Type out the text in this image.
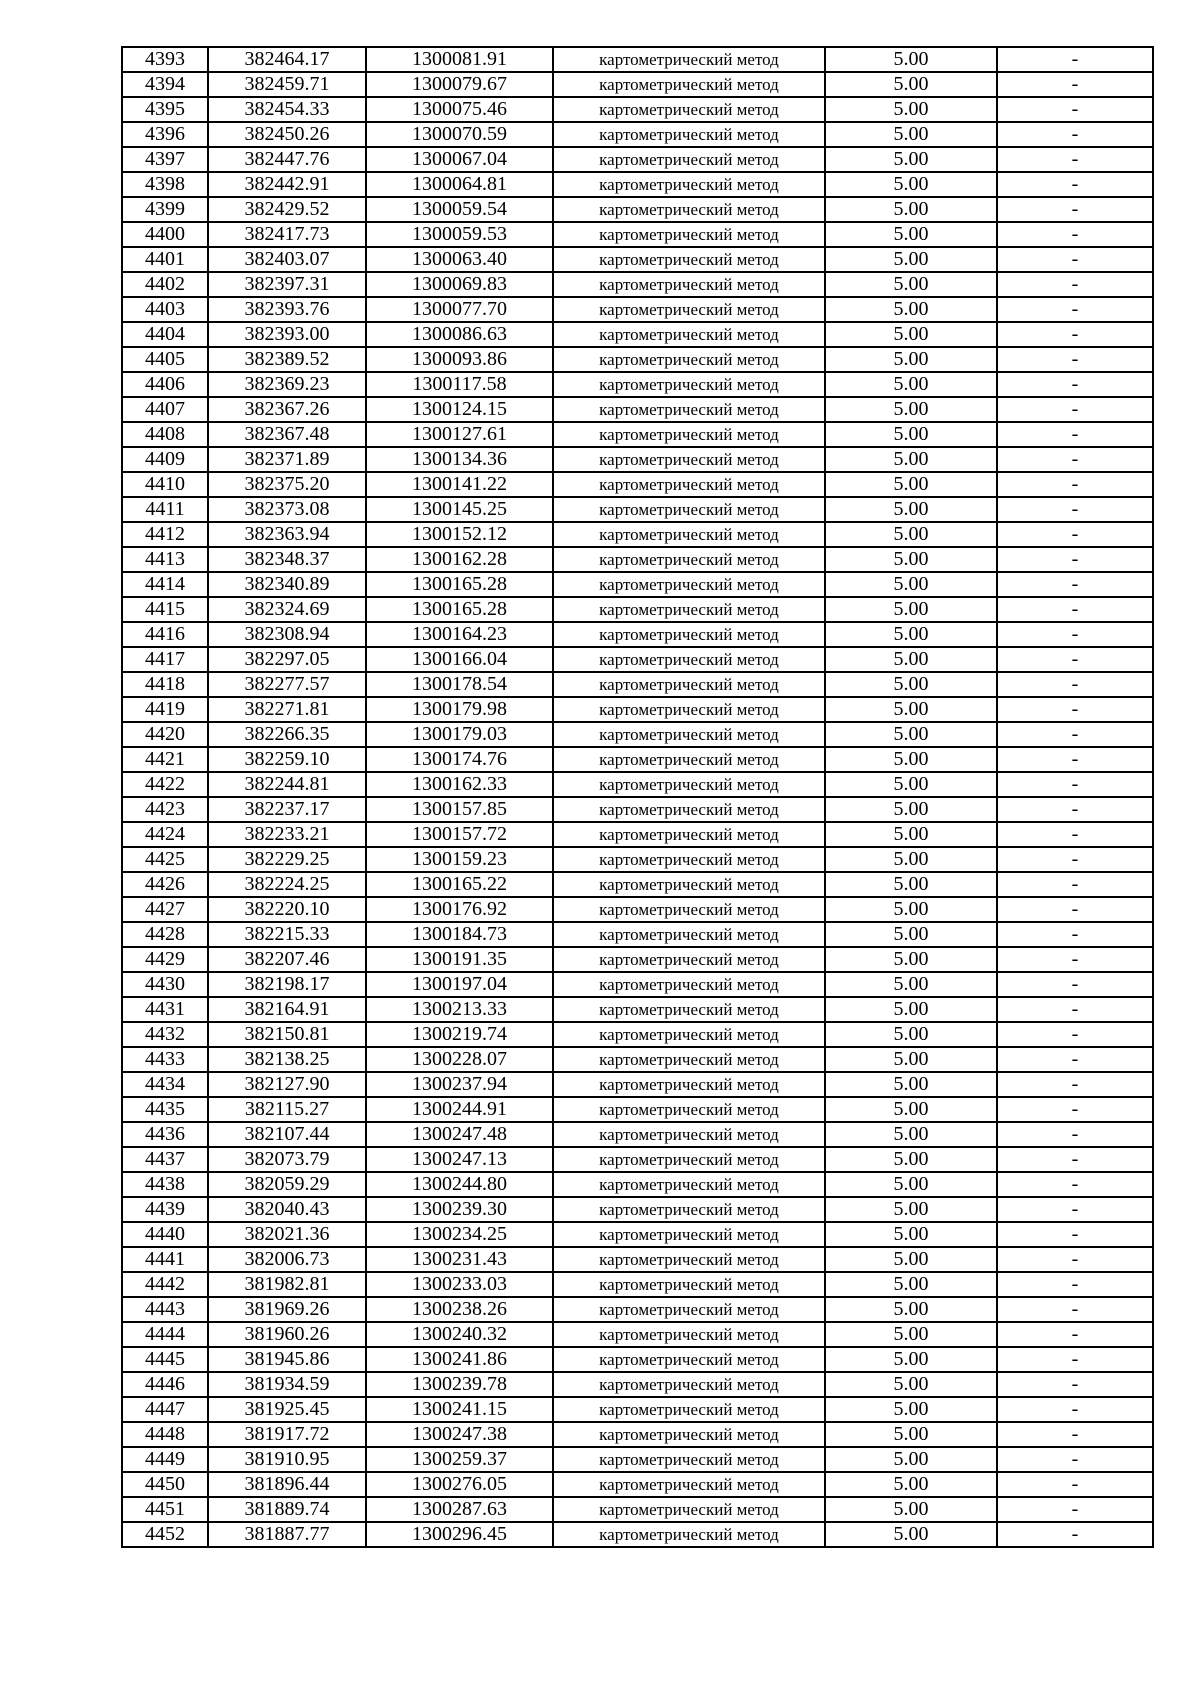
4393	382464.17	1300081.91	картометрический метод	5.00	-
4394	382459.71	1300079.67	картометрический метод	5.00	-
4395	382454.33	1300075.46	картометрический метод	5.00	-
4396	382450.26	1300070.59	картометрический метод	5.00	-
4397	382447.76	1300067.04	картометрический метод	5.00	-
4398	382442.91	1300064.81	картометрический метод	5.00	-
4399	382429.52	1300059.54	картометрический метод	5.00	-
4400	382417.73	1300059.53	картометрический метод	5.00	-
4401	382403.07	1300063.40	картометрический метод	5.00	-
4402	382397.31	1300069.83	картометрический метод	5.00	-
4403	382393.76	1300077.70	картометрический метод	5.00	-
4404	382393.00	1300086.63	картометрический метод	5.00	-
4405	382389.52	1300093.86	картометрический метод	5.00	-
4406	382369.23	1300117.58	картометрический метод	5.00	-
4407	382367.26	1300124.15	картометрический метод	5.00	-
4408	382367.48	1300127.61	картометрический метод	5.00	-
4409	382371.89	1300134.36	картометрический метод	5.00	-
4410	382375.20	1300141.22	картометрический метод	5.00	-
4411	382373.08	1300145.25	картометрический метод	5.00	-
4412	382363.94	1300152.12	картометрический метод	5.00	-
4413	382348.37	1300162.28	картометрический метод	5.00	-
4414	382340.89	1300165.28	картометрический метод	5.00	-
4415	382324.69	1300165.28	картометрический метод	5.00	-
4416	382308.94	1300164.23	картометрический метод	5.00	-
4417	382297.05	1300166.04	картометрический метод	5.00	-
4418	382277.57	1300178.54	картометрический метод	5.00	-
4419	382271.81	1300179.98	картометрический метод	5.00	-
4420	382266.35	1300179.03	картометрический метод	5.00	-
4421	382259.10	1300174.76	картометрический метод	5.00	-
4422	382244.81	1300162.33	картометрический метод	5.00	-
4423	382237.17	1300157.85	картометрический метод	5.00	-
4424	382233.21	1300157.72	картометрический метод	5.00	-
4425	382229.25	1300159.23	картометрический метод	5.00	-
4426	382224.25	1300165.22	картометрический метод	5.00	-
4427	382220.10	1300176.92	картометрический метод	5.00	-
4428	382215.33	1300184.73	картометрический метод	5.00	-
4429	382207.46	1300191.35	картометрический метод	5.00	-
4430	382198.17	1300197.04	картометрический метод	5.00	-
4431	382164.91	1300213.33	картометрический метод	5.00	-
4432	382150.81	1300219.74	картометрический метод	5.00	-
4433	382138.25	1300228.07	картометрический метод	5.00	-
4434	382127.90	1300237.94	картометрический метод	5.00	-
4435	382115.27	1300244.91	картометрический метод	5.00	-
4436	382107.44	1300247.48	картометрический метод	5.00	-
4437	382073.79	1300247.13	картометрический метод	5.00	-
4438	382059.29	1300244.80	картометрический метод	5.00	-
4439	382040.43	1300239.30	картометрический метод	5.00	-
4440	382021.36	1300234.25	картометрический метод	5.00	-
4441	382006.73	1300231.43	картометрический метод	5.00	-
4442	381982.81	1300233.03	картометрический метод	5.00	-
4443	381969.26	1300238.26	картометрический метод	5.00	-
4444	381960.26	1300240.32	картометрический метод	5.00	-
4445	381945.86	1300241.86	картометрический метод	5.00	-
4446	381934.59	1300239.78	картометрический метод	5.00	-
4447	381925.45	1300241.15	картометрический метод	5.00	-
4448	381917.72	1300247.38	картометрический метод	5.00	-
4449	381910.95	1300259.37	картометрический метод	5.00	-
4450	381896.44	1300276.05	картометрический метод	5.00	-
4451	381889.74	1300287.63	картометрический метод	5.00	-
4452	381887.77	1300296.45	картометрический метод	5.00	-
